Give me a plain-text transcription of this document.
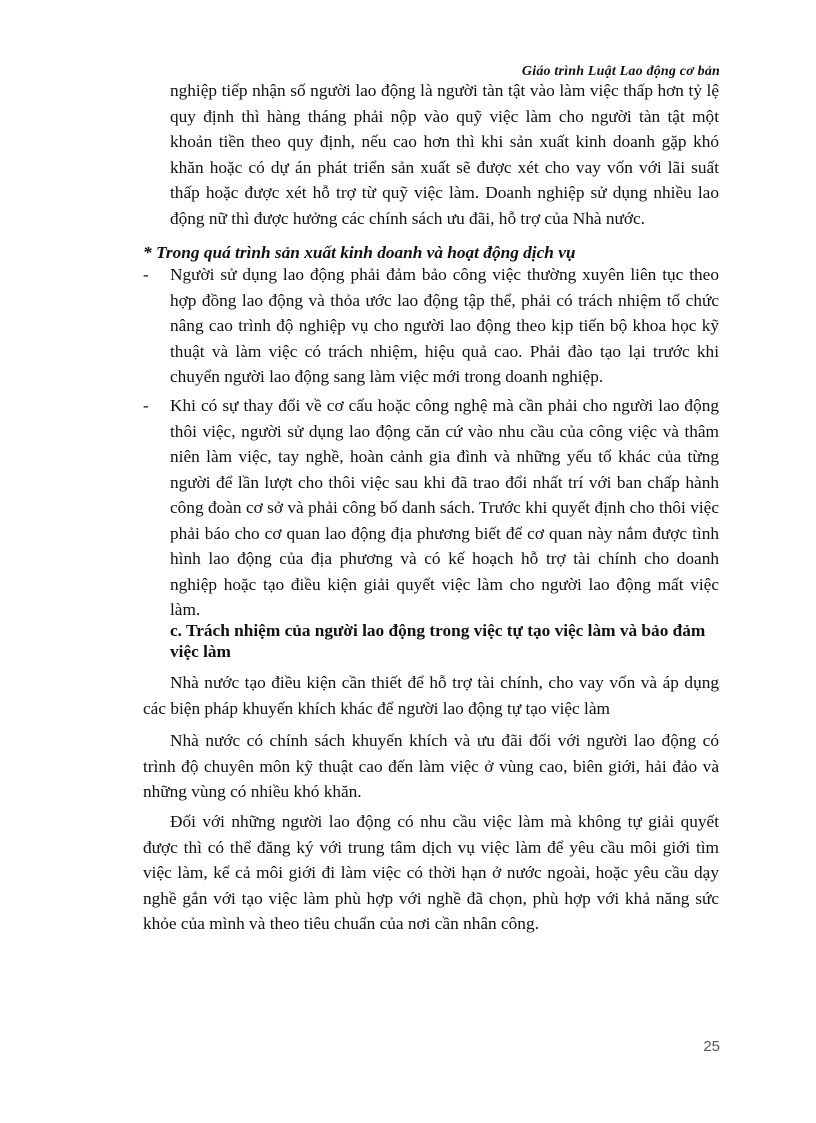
Giáo trình Luật Lao động cơ bản
nghiệp tiếp nhận số người lao động là người tàn tật vào làm việc thấp hơn tỷ lệ quy định thì hàng tháng phải nộp vào quỹ việc làm cho người tàn tật một khoản tiền theo quy định, nếu cao hơn thì khi sản xuất kinh doanh gặp khó khăn hoặc có dự án phát triển sản xuất sẽ được xét cho vay vốn với lãi suất thấp hoặc được xét hỗ trợ từ quỹ việc làm. Doanh nghiệp sử dụng nhiều lao động nữ thì được hưởng các chính sách ưu đãi, hỗ trợ của Nhà nước.
* Trong quá trình sản xuất kinh doanh và hoạt động dịch vụ
- Người sử dụng lao động phải đảm bảo công việc thường xuyên liên tục theo hợp đồng lao động và thỏa ước lao động tập thể, phải có trách nhiệm tổ chức nâng cao trình độ nghiệp vụ cho người lao động theo kịp tiến bộ khoa học kỹ thuật và làm việc có trách nhiệm, hiệu quả cao. Phải đào tạo lại trước khi chuyển người lao động sang làm việc mới trong doanh nghiệp.
- Khi có sự thay đổi về cơ cấu hoặc công nghệ mà cần phải cho người lao động thôi việc, người sử dụng lao động căn cứ vào nhu cầu của công việc và thâm niên làm việc, tay nghề, hoàn cảnh gia đình và những yếu tố khác của từng người để lần lượt cho thôi việc sau khi đã trao đổi nhất trí với ban chấp hành công đoàn cơ sở và phải công bố danh sách. Trước khi quyết định cho thôi việc phải báo cho cơ quan lao động địa phương biết để cơ quan này nắm được tình hình lao động của địa phương và có kế hoạch hỗ trợ tài chính cho doanh nghiệp hoặc tạo điều kiện giải quyết việc làm cho người lao động mất việc làm.
c. Trách nhiệm của người lao động trong việc tự tạo việc làm và bảo đảm việc làm

Nhà nước tạo điều kiện cần thiết để hỗ trợ tài chính, cho vay vốn và áp dụng các biện pháp khuyến khích khác để người lao động tự tạo việc làm

Nhà nước có chính sách khuyến khích và ưu đãi đối với người lao động có trình độ chuyên môn kỹ thuật cao đến làm việc ở vùng cao, biên giới, hải đảo và những vùng có nhiều khó khăn.

Đối với những người lao động có nhu cầu việc làm mà không tự giải quyết được thì có thể đăng ký với trung tâm dịch vụ việc làm để yêu cầu môi giới tìm việc làm, kể cả môi giới đi làm việc có thời hạn ở nước ngoài, hoặc yêu cầu dạy nghề gắn với tạo việc làm phù hợp với nghề đã chọn, phù hợp với khả năng sức khỏe của mình và theo tiêu chuẩn của nơi cần nhân công.

25
